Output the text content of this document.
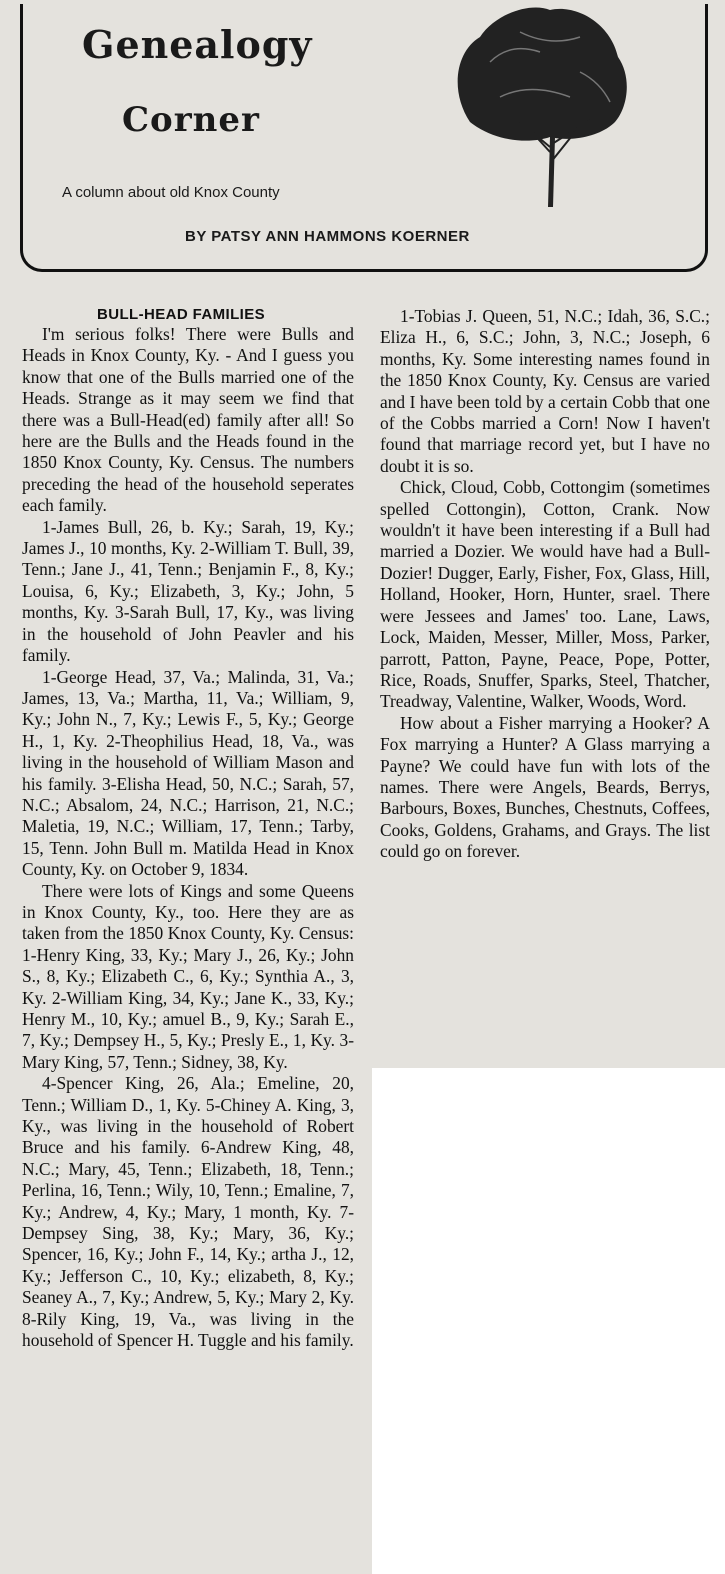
Genealogy
Corner
A column about old Knox County
BY PATSY ANN HAMMONS KOERNER

BULL-HEAD FAMILIES

I'm serious folks! There were Bulls and Heads in Knox County, Ky. - And I guess you know that one of the Bulls married one of the Heads. Strange as it may seem we find that there was a Bull-Head(ed) family after all! So here are the Bulls and the Heads found in the 1850 Knox County, Ky. Census. The numbers preceding the head of the household seperates each family.

1-James Bull, 26, b. Ky.; Sarah, 19, Ky.; James J., 10 months, Ky. 2-William T. Bull, 39, Tenn.; Jane J., 41, Tenn.; Benjamin F., 8, Ky.; Louisa, 6, Ky.; Elizabeth, 3, Ky.; John, 5 months, Ky. 3-Sarah Bull, 17, Ky., was living in the household of John Peavler and his family.

1-George Head, 37, Va.; Malinda, 31, Va.; James, 13, Va.; Martha, 11, Va.; William, 9, Ky.; John N., 7, Ky.; Lewis F., 5, Ky.; George H., 1, Ky. 2-Theophilius Head, 18, Va., was living in the household of William Mason and his family. 3-Elisha Head, 50, N.C.; Sarah, 57, N.C.; Absalom, 24, N.C.; Harrison, 21, N.C.; Maletia, 19, N.C.; William, 17, Tenn.; Tarby, 15, Tenn. John Bull m. Matilda Head in Knox County, Ky. on October 9, 1834.

There were lots of Kings and some Queens in Knox County, Ky., too. Here they are as taken from the 1850 Knox County, Ky. Census: 1-Henry King, 33, Ky.; Mary J., 26, Ky.; John S., 8, Ky.; Elizabeth C., 6, Ky.; Synthia A., 3, Ky. 2-William King, 34, Ky.; Jane K., 33, Ky.; Henry M., 10, Ky.; amuel B., 9, Ky.; Sarah E., 7, Ky.; Dempsey H., 5, Ky.; Presly E., 1, Ky. 3-Mary King, 57, Tenn.; Sidney, 38, Ky.

4-Spencer King, 26, Ala.; Emeline, 20, Tenn.; William D., 1, Ky. 5-Chiney A. King, 3, Ky., was living in the household of Robert Bruce and his family. 6-Andrew King, 48, N.C.; Mary, 45, Tenn.; Elizabeth, 18, Tenn.; Perlina, 16, Tenn.; Wily, 10, Tenn.; Emaline, 7, Ky.; Andrew, 4, Ky.; Mary, 1 month, Ky. 7-Dempsey Sing, 38, Ky.; Mary, 36, Ky.; Spencer, 16, Ky.; John F., 14, Ky.; artha J., 12, Ky.; Jefferson C., 10, Ky.; elizabeth, 8, Ky.; Seaney A., 7, Ky.; Andrew, 5, Ky.; Mary 2, Ky. 8-Rily King, 19, Va., was living in the household of Spencer H. Tuggle and his family.

1-Tobias J. Queen, 51, N.C.; Idah, 36, S.C.; Eliza H., 6, S.C.; John, 3, N.C.; Joseph, 6 months, Ky. Some interesting names found in the 1850 Knox County, Ky. Census are varied and I have been told by a certain Cobb that one of the Cobbs married a Corn! Now I haven't found that marriage record yet, but I have no doubt it is so.

Chick, Cloud, Cobb, Cottongim (sometimes spelled Cottongin), Cotton, Crank. Now wouldn't it have been interesting if a Bull had married a Dozier. We would have had a Bull-Dozier! Dugger, Early, Fisher, Fox, Glass, Hill, Holland, Hooker, Horn, Hunter, srael. There were Jessees and James' too. Lane, Laws, Lock, Maiden, Messer, Miller, Moss, Parker, parrott, Patton, Payne, Peace, Pope, Potter, Rice, Roads, Snuffer, Sparks, Steel, Thatcher, Treadway, Valentine, Walker, Woods, Word.

How about a Fisher marrying a Hooker? A Fox marrying a Hunter? A Glass marrying a Payne? We could have fun with lots of the names. There were Angels, Beards, Berrys, Barbours, Boxes, Bunches, Chestnuts, Coffees, Cooks, Goldens, Grahams, and Grays. The list could go on forever.
